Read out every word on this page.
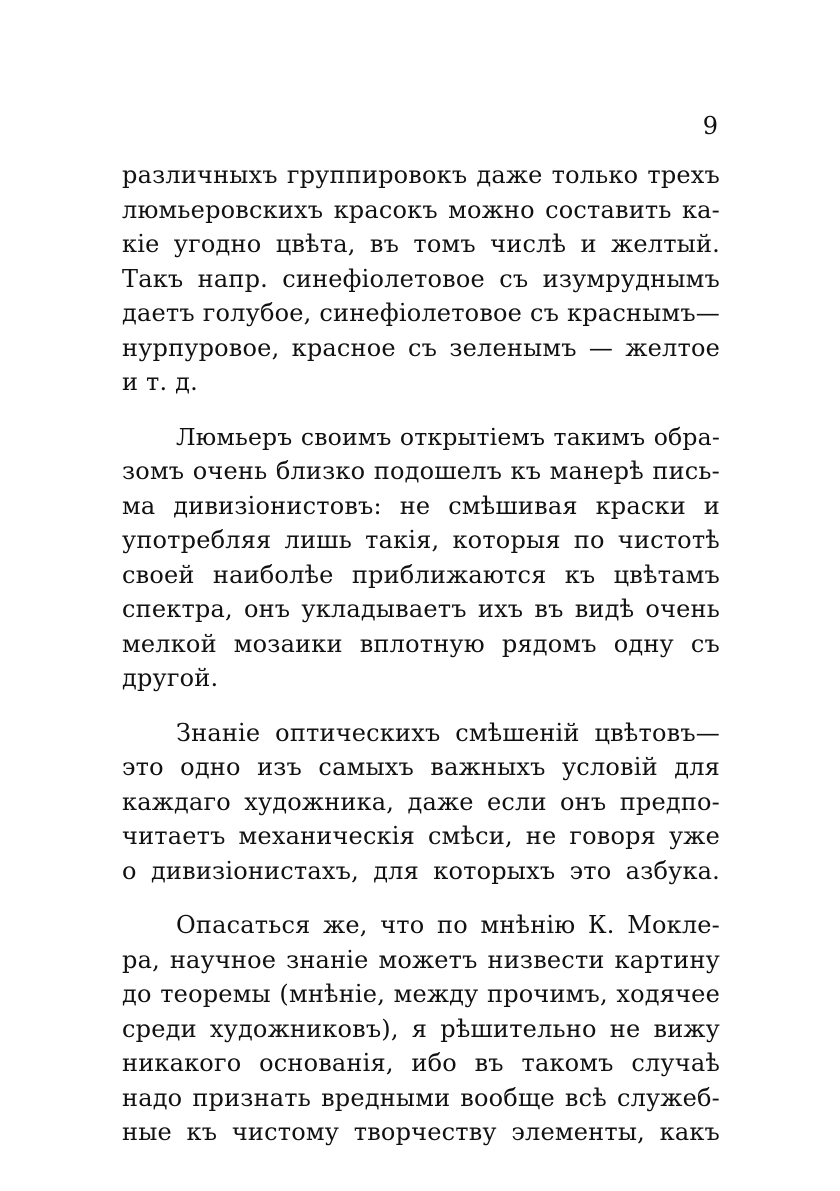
9
различныхъ группировокъ даже только трехъ
люмьеровскихъ красокъ можно составить ка-
кiе угодно цвѣта, въ томъ числѣ и желтый.
Такъ напр. синефiолетовое съ изумруднымъ
даетъ голубое, синефiолетовое съ краснымъ—
нурпуровое, красное съ зеленымъ — желтое
и т. д.
Люмьеръ своимъ открытiемъ такимъ обра-
зомъ очень близко подошелъ къ манерѣ пись-
ма дивизiонистовъ: не смѣшивая краски и
употребляя лишь такiя, которыя по чистотѣ
своей наиболѣе приближаются къ цвѣтамъ
спектра, онъ укладываетъ ихъ въ видѣ очень
мелкой мозаики вплотную рядомъ одну съ
другой.
Знанiе оптическихъ смѣшенiй цвѣтовъ—
это одно изъ самыхъ важныхъ условiй для
каждаго художника, даже если онъ предпо-
читаетъ механическiя смѣси, не говоря уже
о дивизiонистахъ, для которыхъ это азбука.
Опасаться же, что по мнѣнiю К. Мокле-
ра, научное знанiе можетъ низвести картину
до теоремы (мнѣнiе, между прочимъ, ходячее
среди художниковъ), я рѣшительно не вижу
никакого основанiя, ибо въ такомъ случаѣ
надо признать вредными вообще всѣ служеб-
ные къ чистому творчеству элементы, какъ
